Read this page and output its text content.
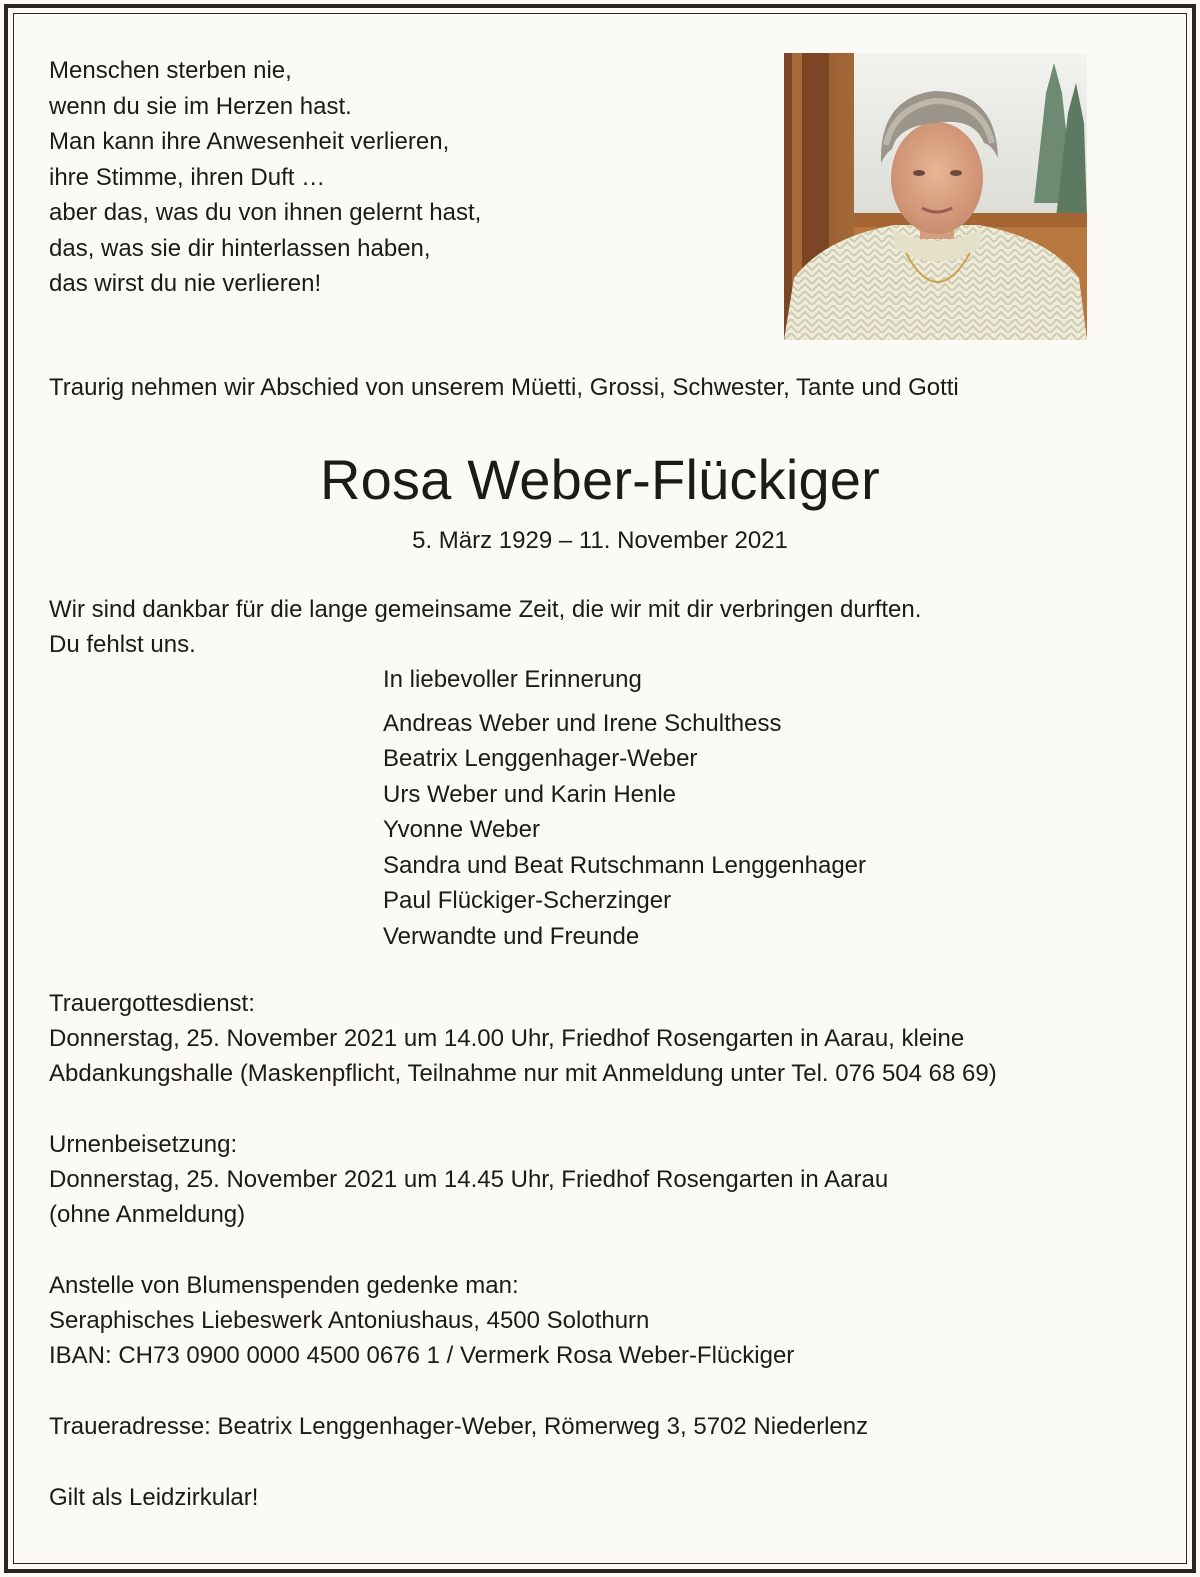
Menschen sterben nie,
wenn du sie im Herzen hast.
Man kann ihre Anwesenheit verlieren,
ihre Stimme, ihren Duft …
aber das, was du von ihnen gelernt hast,
das, was sie dir hinterlassen haben,
das wirst du nie verlieren!
Traurig nehmen wir Abschied von unserem Müetti, Grossi, Schwester, Tante und Gotti
Rosa Weber-Flückiger
5. März 1929 – 11. November 2021
Wir sind dankbar für die lange gemeinsame Zeit, die wir mit dir verbringen durften.
Du fehlst uns.
In liebevoller Erinnerung
Andreas Weber und Irene Schulthess
Beatrix Lenggenhager-Weber
Urs Weber und Karin Henle
Yvonne Weber
Sandra und Beat Rutschmann Lenggenhager
Paul Flückiger-Scherzinger
Verwandte und Freunde
Trauergottesdienst:
Donnerstag, 25. November 2021 um 14.00 Uhr, Friedhof Rosengarten in Aarau, kleine
Abdankungshalle (Maskenpflicht, Teilnahme nur mit Anmeldung unter Tel. 076 504 68 69)
Urnenbeisetzung:
Donnerstag, 25. November 2021 um 14.45 Uhr, Friedhof Rosengarten in Aarau
(ohne Anmeldung)
Anstelle von Blumenspenden gedenke man:
Seraphisches Liebeswerk Antoniushaus, 4500 Solothurn
IBAN: CH73 0900 0000 4500 0676 1 / Vermerk Rosa Weber-Flückiger
Traueradresse: Beatrix Lenggenhager-Weber, Römerweg 3, 5702 Niederlenz
Gilt als Leidzirkular!
